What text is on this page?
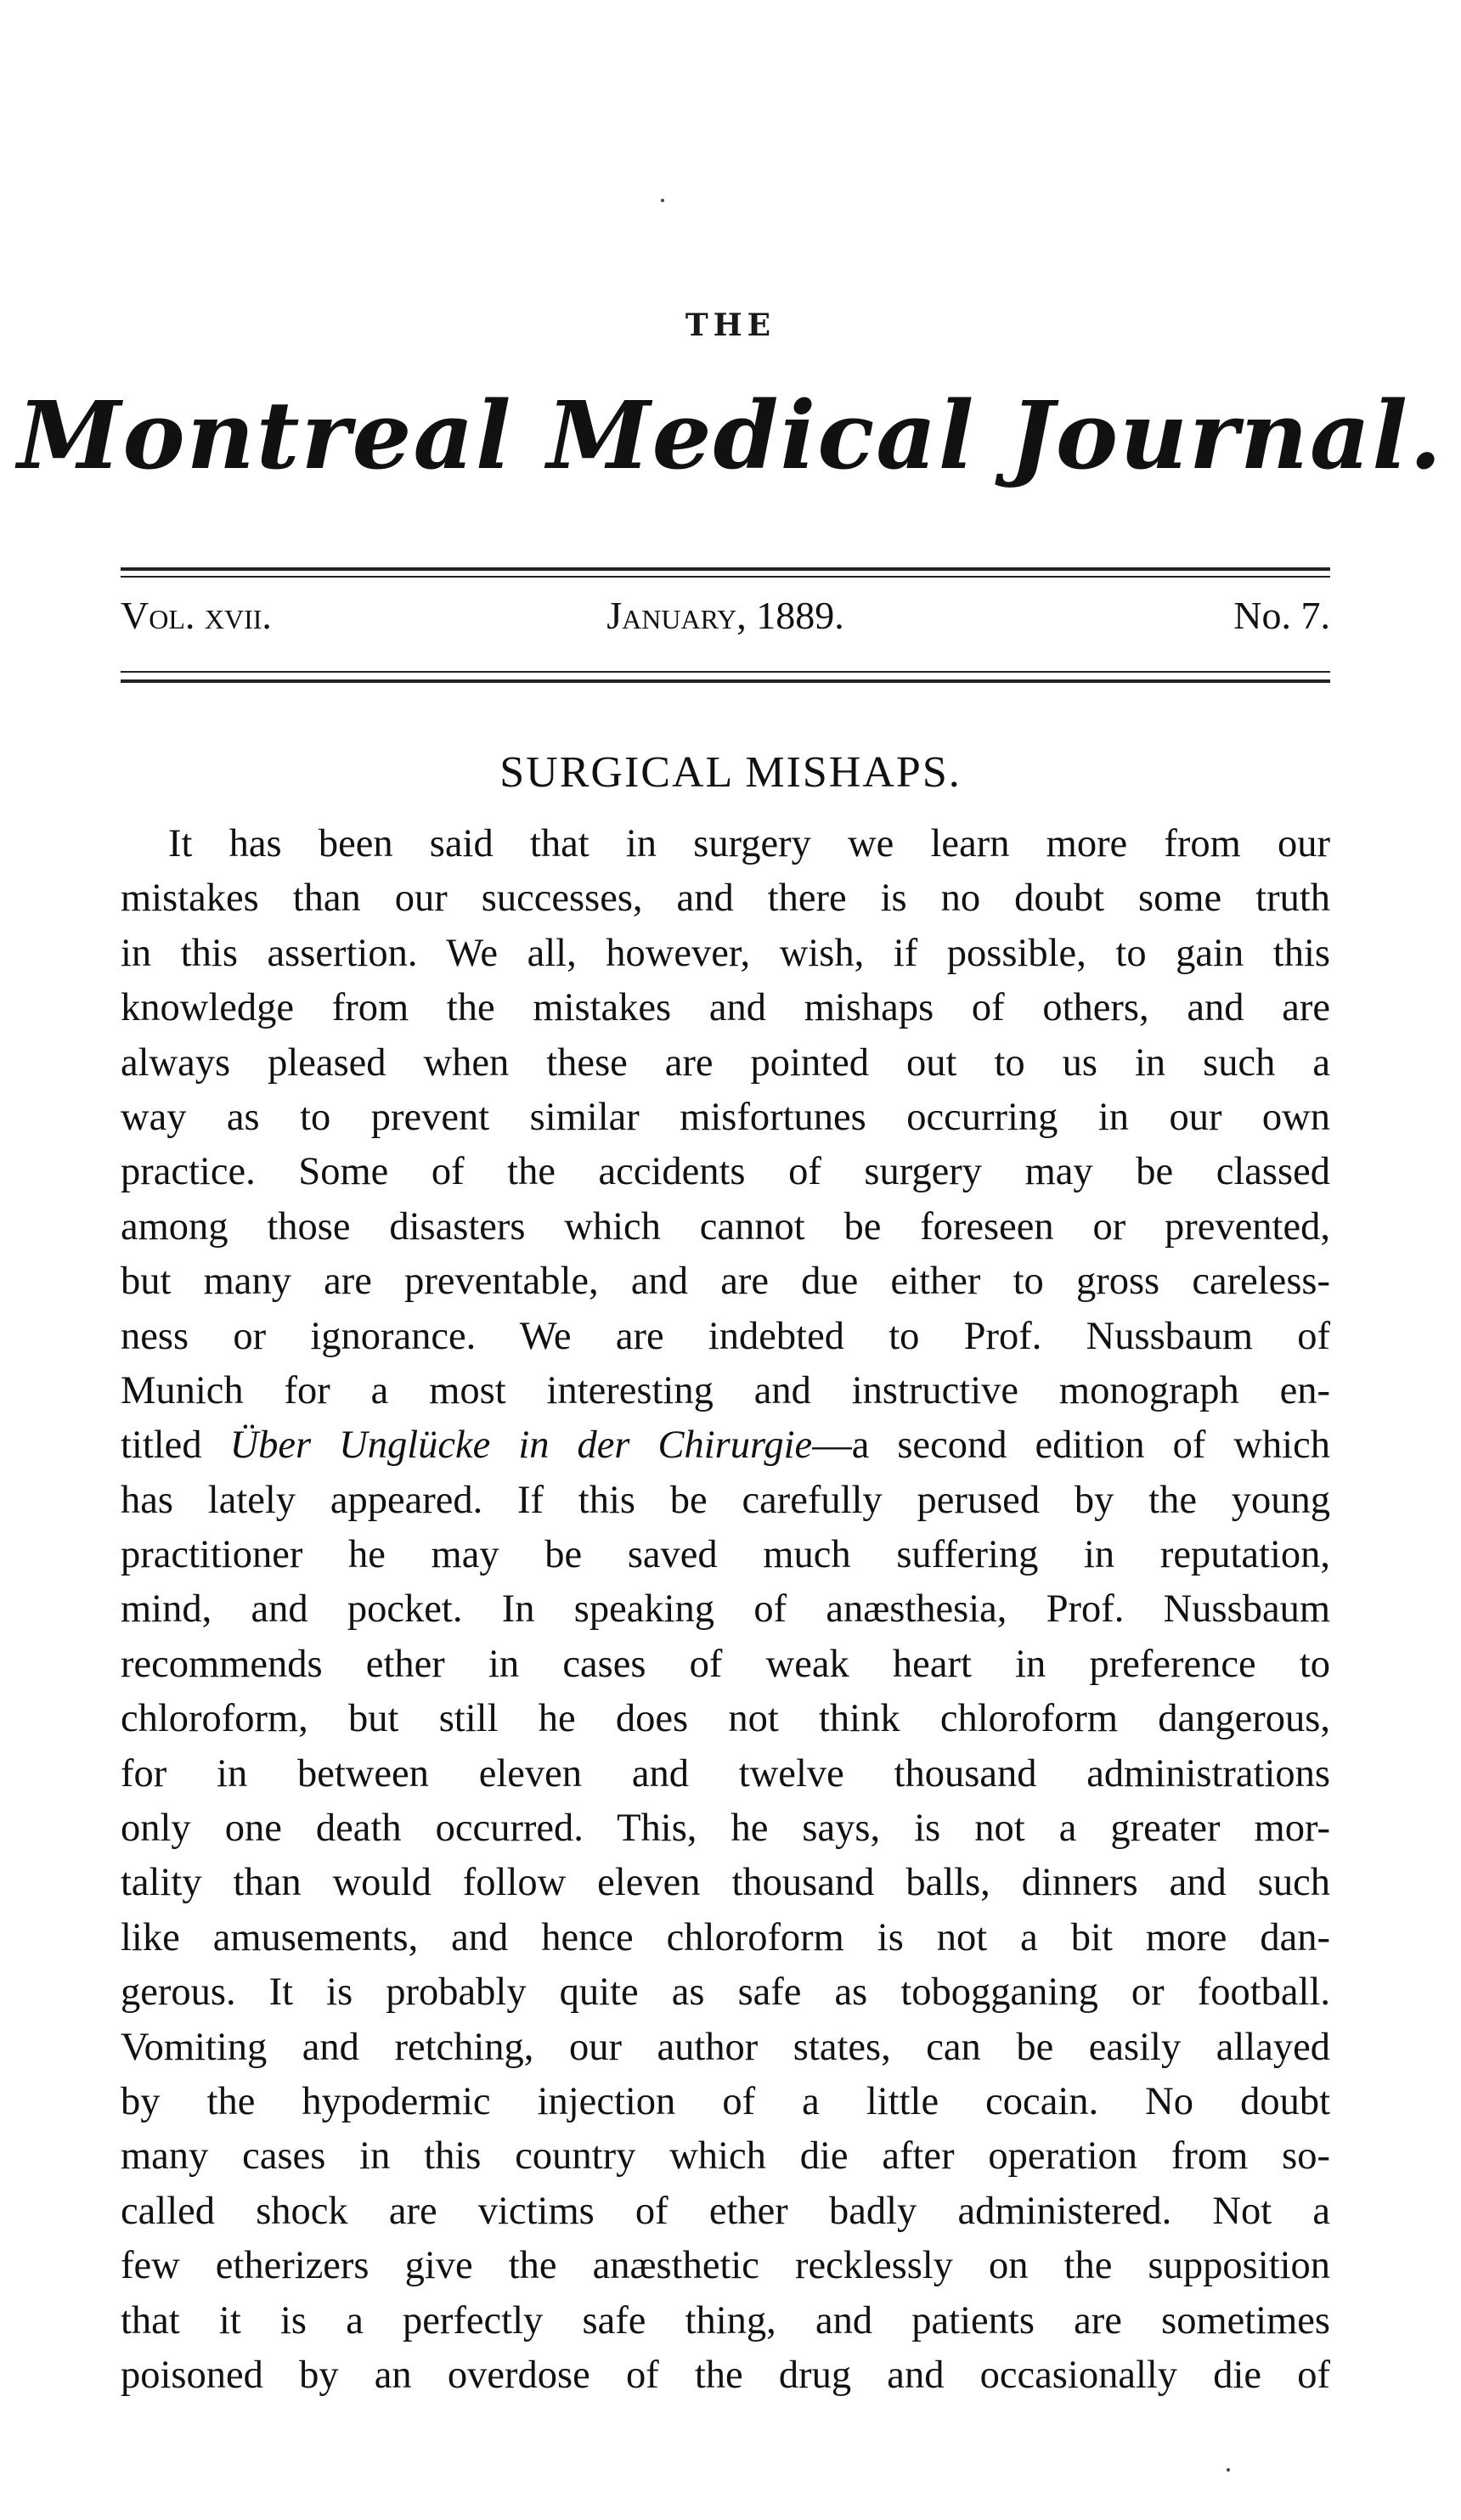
THE
Montreal Medical Journal.
Vol. xvii.	January, 1889.	No. 7.
SURGICAL MISHAPS.
It has been said that in surgery we learn more from our
mistakes than our successes, and there is no doubt some truth
in this assertion. We all, however, wish, if possible, to gain this
knowledge from the mistakes and mishaps of others, and are
always pleased when these are pointed out to us in such a
way as to prevent similar misfortunes occurring in our own
practice. Some of the accidents of surgery may be classed
among those disasters which cannot be foreseen or prevented,
but many are preventable, and are due either to gross careless-
ness or ignorance. We are indebted to Prof. Nussbaum of
Munich for a most interesting and instructive monograph en-
titled Über Unglücke in der Chirurgie—a second edition of which
has lately appeared. If this be carefully perused by the young
practitioner he may be saved much suffering in reputation,
mind, and pocket. In speaking of anæsthesia, Prof. Nussbaum
recommends ether in cases of weak heart in preference to
chloroform, but still he does not think chloroform dangerous,
for in between eleven and twelve thousand administrations
only one death occurred. This, he says, is not a greater mor-
tality than would follow eleven thousand balls, dinners and such
like amusements, and hence chloroform is not a bit more dan-
gerous. It is probably quite as safe as tobogganing or football.
Vomiting and retching, our author states, can be easily allayed
by the hypodermic injection of a little cocain. No doubt
many cases in this country which die after operation from so-
called shock are victims of ether badly administered. Not a
few etherizers give the anæsthetic recklessly on the supposition
that it is a perfectly safe thing, and patients are sometimes
poisoned by an overdose of the drug and occasionally die of
